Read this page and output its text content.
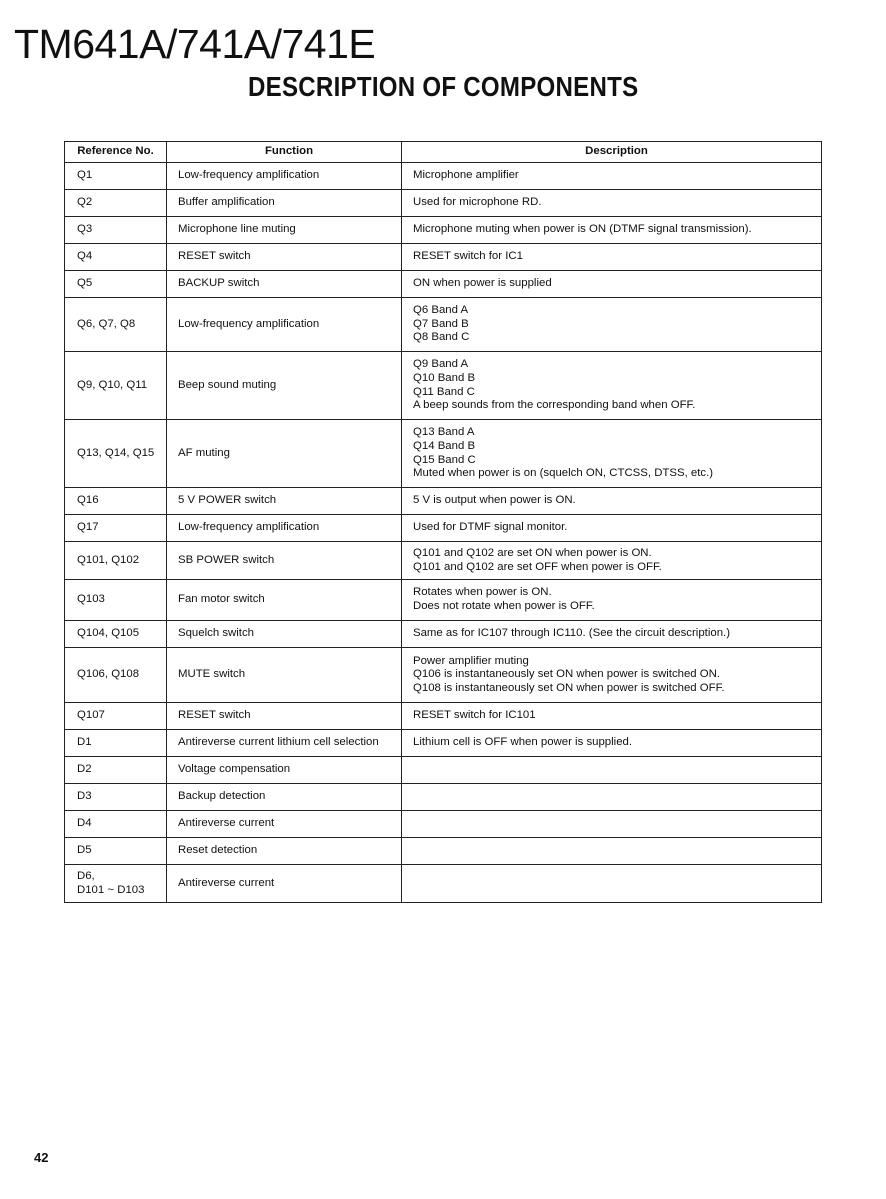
TM641A/741A/741E
DESCRIPTION OF COMPONENTS
Reference No.	Function	Description

Q1	Low-frequency amplification	Microphone amplifier

Q2	Buffer amplification	Used for microphone RD.

Q3	Microphone line muting	Microphone muting when power is ON (DTMF signal transmission).

Q4	RESET switch	RESET switch for IC1

Q5	BACKUP switch	ON when power is supplied

Q6, Q7, Q8	Low-frequency amplification	Q6 Band A
Q7 Band B
Q8 Band C

Q9, Q10, Q11	Beep sound muting	Q9 Band A
Q10 Band B
Q11 Band C
A beep sounds from the corresponding band when OFF.

Q13, Q14, Q15	AF muting	Q13 Band A
Q14 Band B
Q15 Band C
Muted when power is on (squelch ON, CTCSS, DTSS, etc.)

Q16	5 V POWER switch	5 V is output when power is ON.

Q17	Low-frequency amplification	Used for DTMF signal monitor.

Q101, Q102	SB POWER switch	Q101 and Q102 are set ON when power is ON.
Q101 and Q102 are set OFF when power is OFF.

Q103	Fan motor switch	Rotates when power is ON.
Does not rotate when power is OFF.

Q104, Q105	Squelch switch	Same as for IC107 through IC110. (See the circuit description.)

Q106, Q108	MUTE switch	Power amplifier muting
Q106 is instantaneously set ON when power is switched ON.
Q108 is instantaneously set ON when power is switched OFF.

Q107	RESET switch	RESET switch for IC101

D1	Antireverse current lithium cell selection	Lithium cell is OFF when power is supplied.

D2	Voltage compensation	

D3	Backup detection	

D4	Antireverse current	

D5	Reset detection	

D6,
D101 ~ D103	Antireverse current	
42
